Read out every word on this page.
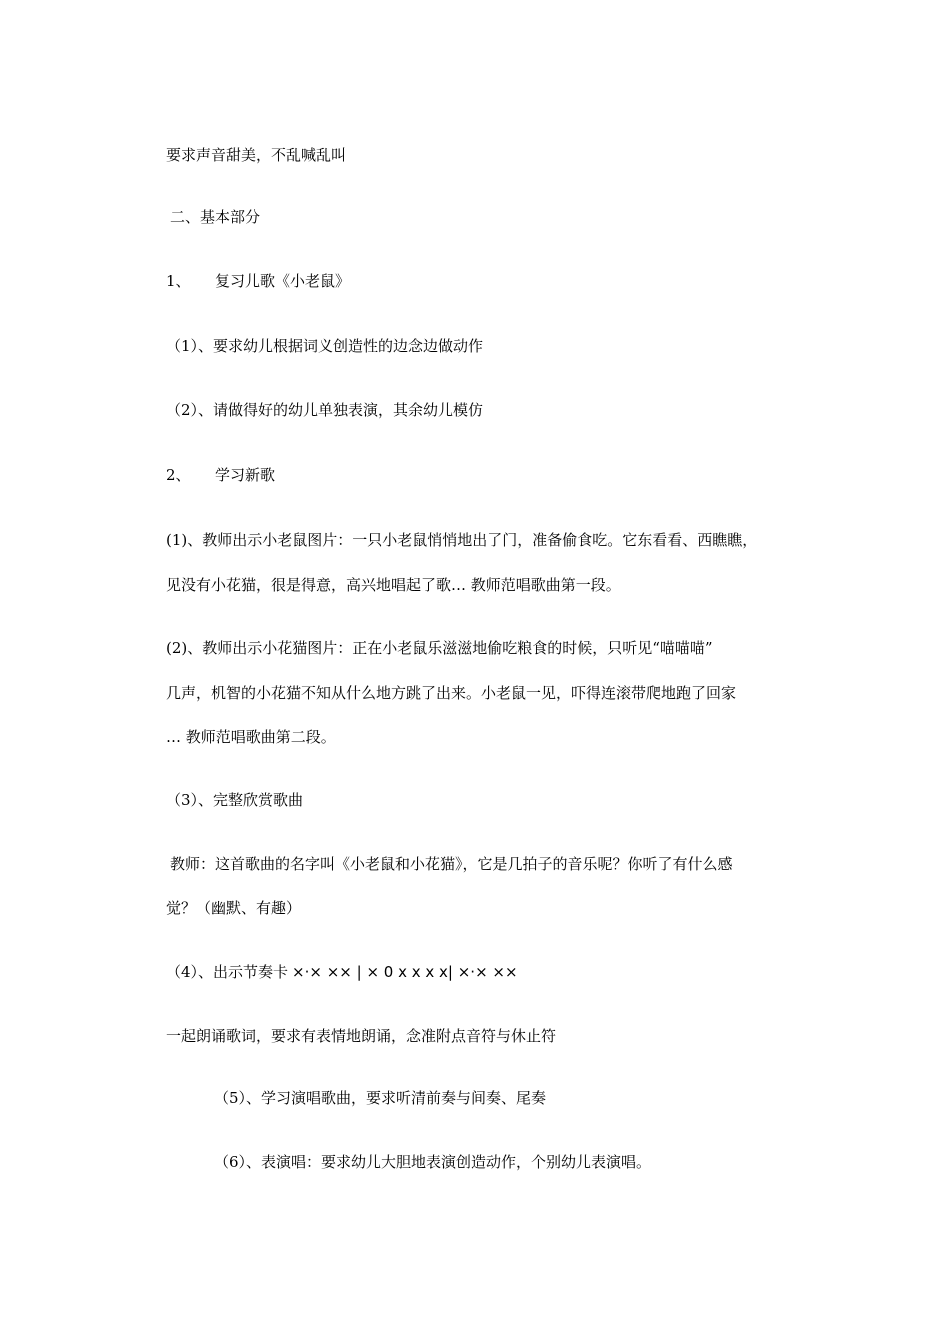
要求声音甜美，不乱喊乱叫
二、基本部分
1、 复习儿歌《小老鼠》
（1）、要求幼儿根据词义创造性的边念边做动作
（2）、请做得好的幼儿单独表演，其余幼儿模仿
2、 学习新歌
(1)、教师出示小老鼠图片：一只小老鼠悄悄地出了门，准备偷食吃。它东看看、西瞧瞧，
见没有小花猫，很是得意，高兴地唱起了歌… 教师范唱歌曲第一段。
(2)、教师出示小花猫图片：正在小老鼠乐滋滋地偷吃粮食的时候，只听见“喵喵喵”
几声，机智的小花猫不知从什么地方跳了出来。小老鼠一见，吓得连滚带爬地跑了回家
… 教师范唱歌曲第二段。
（3）、完整欣赏歌曲
教师：这首歌曲的名字叫《小老鼠和小花猫》，它是几拍子的音乐呢？你听了有什么感
觉？（幽默、有趣）
（4）、出示节奏卡 ×·× ×× | × 0 x x x x| ×·× ××
一起朗诵歌词，要求有表情地朗诵，念准附点音符与休止符
（5）、学习演唱歌曲，要求听清前奏与间奏、尾奏
（6）、表演唱：要求幼儿大胆地表演创造动作，个别幼儿表演唱。
